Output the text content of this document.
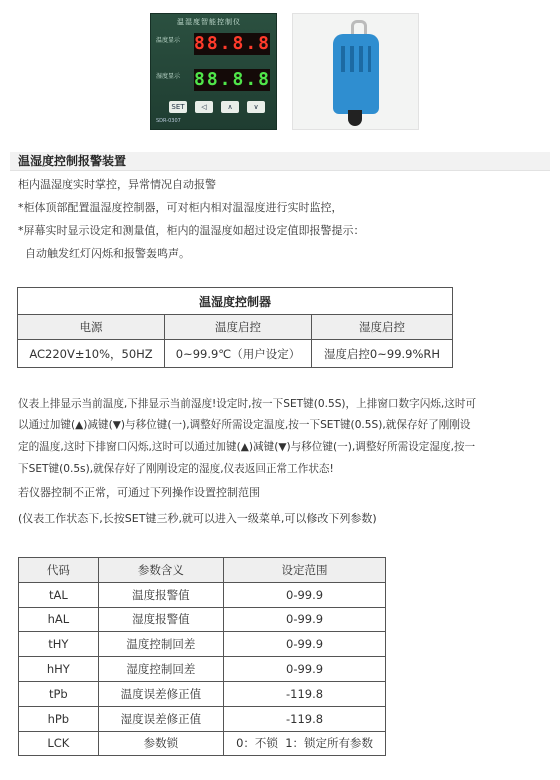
温湿度智能控制仪
温度显示
湿度显示
88.8.8
88.8.8
SET	◁	∧	∨
SDR-0307
温湿度控制报警装置
柜内温湿度实时掌控，异常情况自动报警
*柜体顶部配置温湿度控制器，可对柜内相对温湿度进行实时监控，
*屏幕实时显示设定和测量值，柜内的温湿度如超过设定值即报警提示：
自动触发红灯闪烁和报警轰鸣声。
温湿度控制器		
电源	温度启控	湿度启控
AC220V±10%，50HZ	0~99.9℃（用户设定）	湿度启控0~99.9%RH
仪表上排显示当前温度,下排显示当前湿度!设定时,按一下SET键(0.5S)，上排窗口数字闪烁,这时可
以通过加键(▲)减键(▼)与移位键(一),调整好所需设定温度,按一下SET键(0.5S),就保存好了刚刚设
定的温度,这时下排窗口闪烁,这时可以通过加键(▲)减键(▼)与移位键(一),调整好所需设定湿度,按一
下SET键(0.5s),就保存好了刚刚设定的湿度,仪表返回正常工作状态!
若仪器控制不正常，可通过下列操作设置控制范围
(仪表工作状态下,长按SET键三秒,就可以进入一级菜单,可以修改下列参数)
代码	参数含义	设定范围
tAL	温度报警值	0-99.9
hAL	湿度报警值	0-99.9
tHY	温度控制回差	0-99.9
hHY	湿度控制回差	0-99.9
tPb	温度误差修正值	-119.8
hPb	湿度误差修正值	-119.8
LCK	参数锁	0：不锁  1：锁定所有参数
